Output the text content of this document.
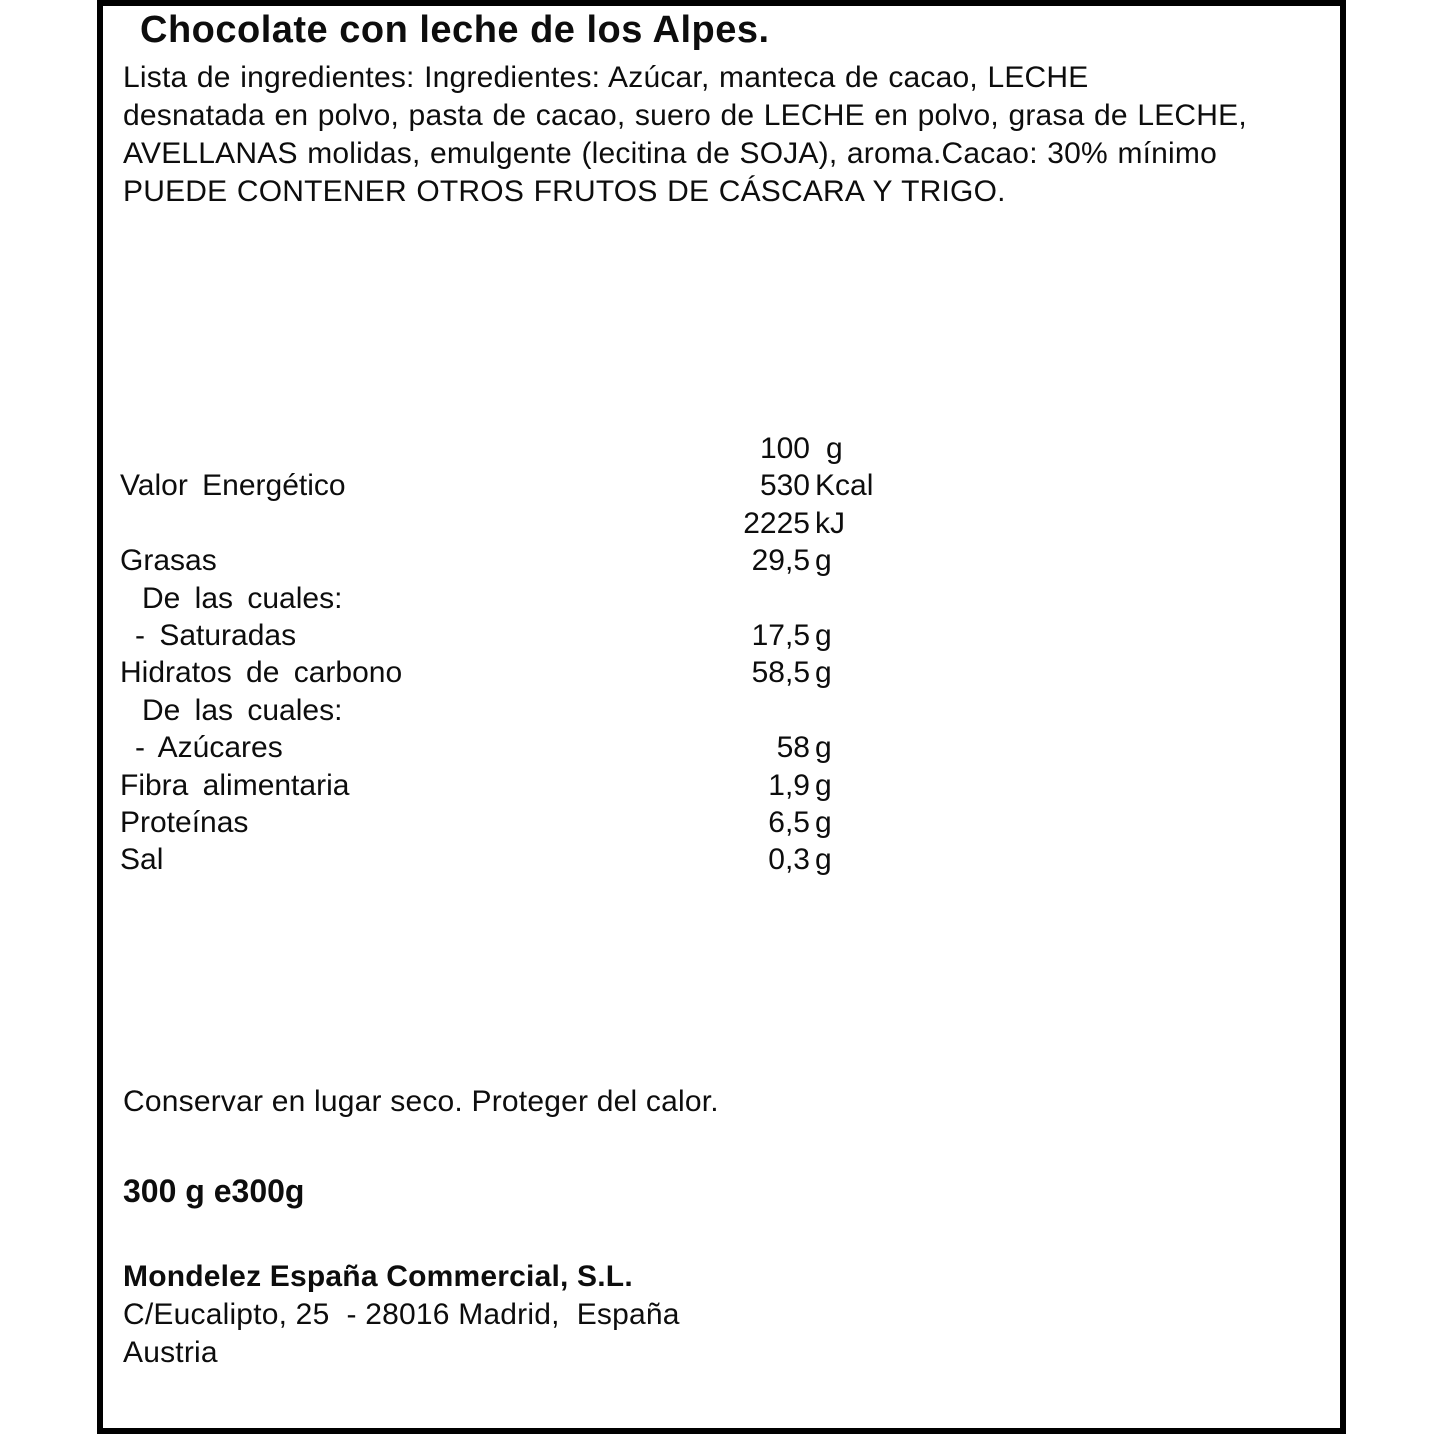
Chocolate con leche de los Alpes.
Lista de ingredientes: Ingredientes: Azúcar, manteca de cacao, LECHE
desnatada en polvo, pasta de cacao, suero de LECHE en polvo, grasa de LECHE,
AVELLANAS molidas, emulgente (lecitina de SOJA), aroma.Cacao: 30% mínimo
PUEDE CONTENER OTROS FRUTOS DE CÁSCARA Y TRIGO.
100 g
Valor Energético	530 Kcal
2225 kJ
Grasas	29,5 g
De las cuales:
- Saturadas	17,5 g
Hidratos de carbono	58,5 g
De las cuales:
- Azúcares	58 g
Fibra alimentaria	1,9 g
Proteínas	6,5 g
Sal	0,3 g
Conservar en lugar seco. Proteger del calor.
300 g e300g
Mondelez España Commercial, S.L.
C/Eucalipto, 25  - 28016 Madrid,  España
Austria
